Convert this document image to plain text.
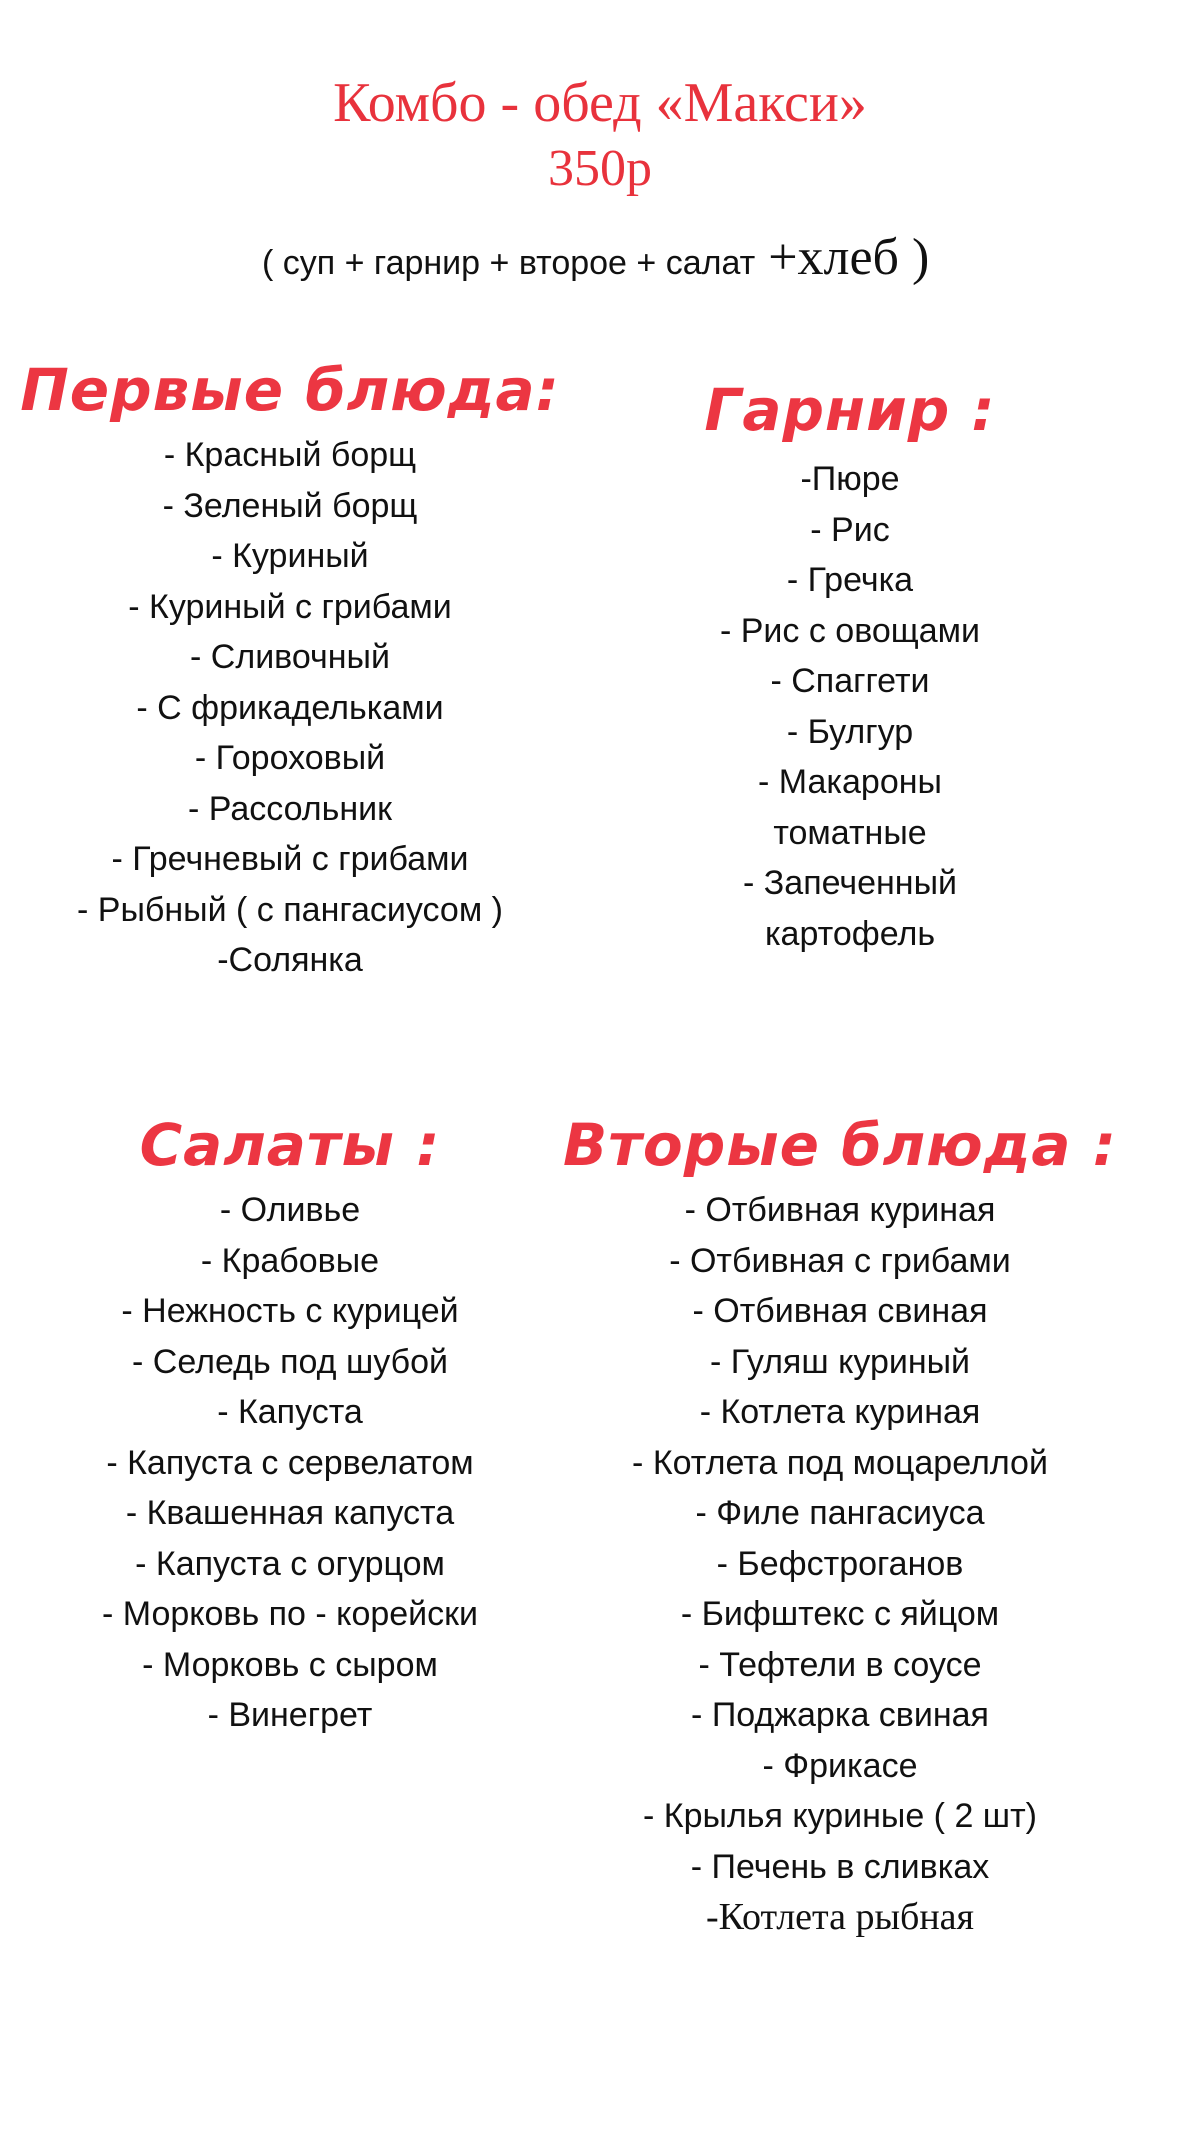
Комбо - обед «Макси»
350р
( суп + гарнир + второе + салат +хлеб )
Первые блюда:
- Красный борщ
- Зеленый борщ
- Куриный
- Куриный с грибами
- Сливочный
- С фрикадельками
- Гороховый
- Рассольник
- Гречневый с грибами
- Рыбный ( с пангасиусом )
-Солянка
Гарнир :
-Пюре
- Рис
- Гречка
- Рис с овощами
- Спаггети
- Булгур
- Макароны
томатные
- Запеченный
картофель
Салаты :
- Оливье
- Крабовые
- Нежность с курицей
- Селедь под шубой
- Капуста
- Капуста с сервелатом
- Квашенная капуста
- Капуста с огурцом
- Морковь по - корейски
- Морковь с сыром
- Винегрет
Вторые блюда :
- Отбивная куриная
- Отбивная с грибами
- Отбивная свиная
- Гуляш куриный
- Котлета куриная
- Котлета под моцареллой
- Филе пангасиуса
- Бефстроганов
- Бифштекс с яйцом
- Тефтели в соусе
- Поджарка свиная
- Фрикасе
- Крылья куриные ( 2 шт)
- Печень в сливках
-Котлета рыбная
